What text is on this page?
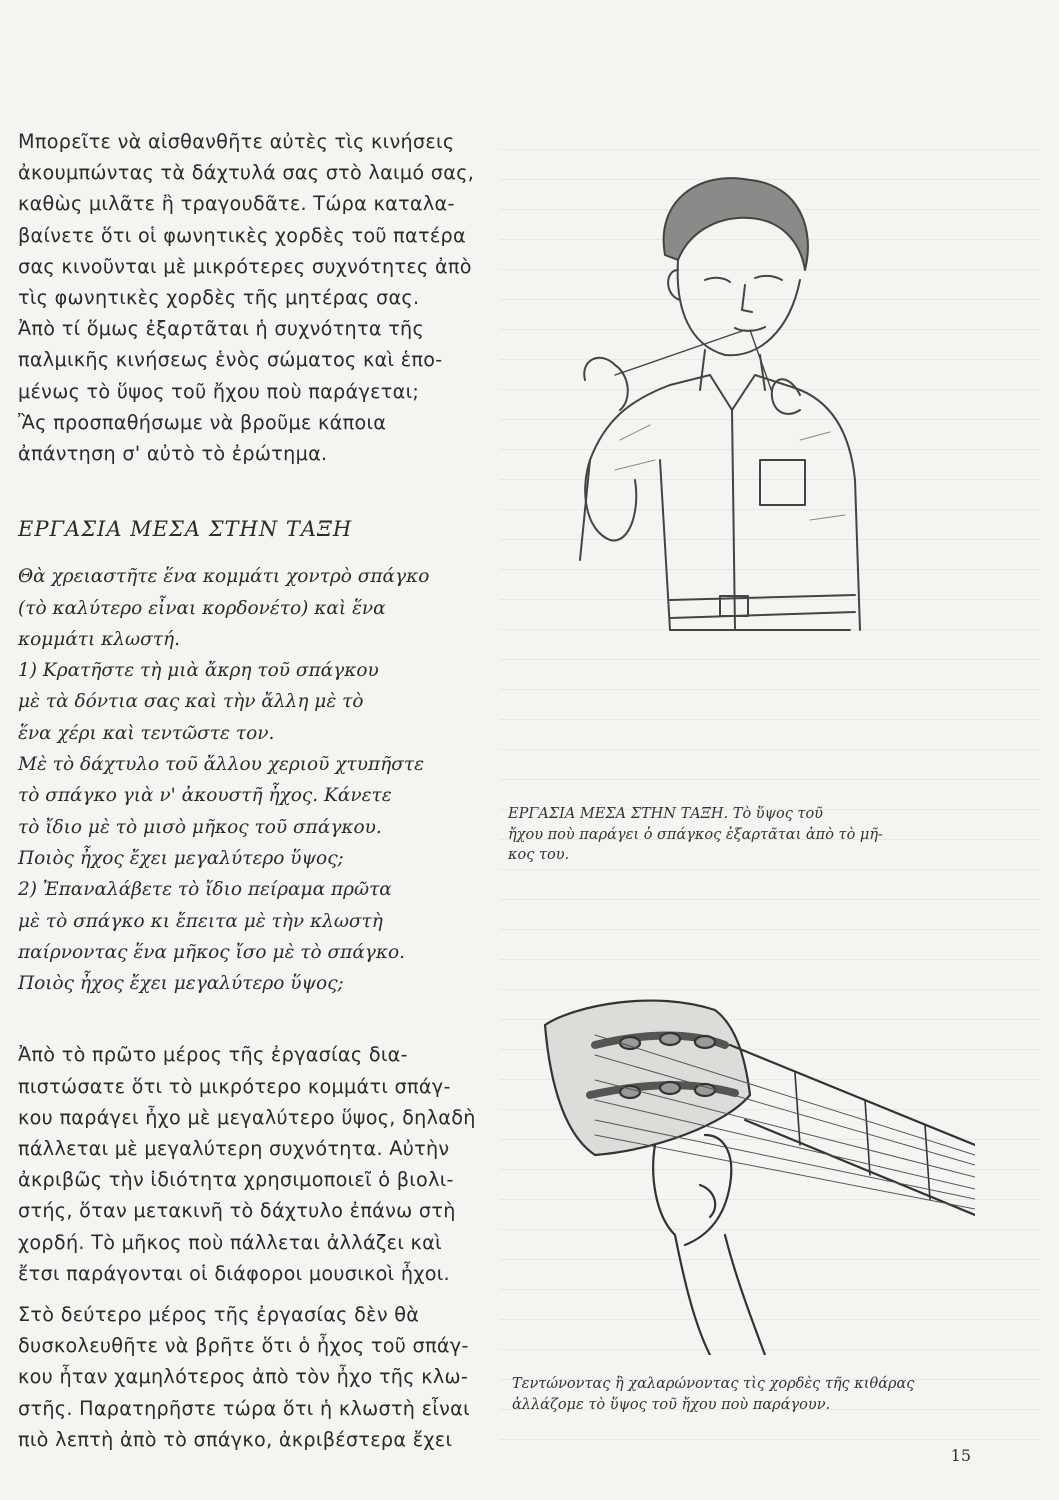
Μπορεῖτε νὰ αἰσθανθῆτε αὐτὲς τὶς κινήσεις
ἀκουμπώντας τὰ δάχτυλά σας στὸ λαιμό σας,
καθὼς μιλᾶτε ἢ τραγουδᾶτε. Τώρα καταλα-
βαίνετε ὅτι οἱ φωνητικὲς χορδὲς τοῦ πατέρα
σας κινοῦνται μὲ μικρότερες συχνότητες ἀπὸ
τὶς φωνητικὲς χορδὲς τῆς μητέρας σας.

Ἀπὸ τί ὅμως ἐξαρτᾶται ἡ συχνότητα τῆς
παλμικῆς κινήσεως ἑνὸς σώματος καὶ ἑπο-
μένως τὸ ὕψος τοῦ ἤχου ποὺ παράγεται;
Ἂς προσπαθήσωμε νὰ βροῦμε κάποια
ἀπάντηση σ' αὐτὸ τὸ ἐρώτημα.

ΕΡΓΑΣΙΑ ΜΕΣΑ ΣΤΗΝ ΤΑΞΗ

Θὰ χρειαστῆτε ἕνα κομμάτι χοντρὸ σπάγκο
(τὸ καλύτερο εἶναι κορδονέτο) καὶ ἕνα
κομμάτι κλωστή.
1) Κρατῆστε τὴ μιὰ ἄκρη τοῦ σπάγκου
μὲ τὰ δόντια σας καὶ τὴν ἄλλη μὲ τὸ
ἕνα χέρι καὶ τεντῶστε τον.
Μὲ τὸ δάχτυλο τοῦ ἄλλου χεριοῦ χτυπῆστε
τὸ σπάγκο γιὰ ν' ἀκουστῆ ἦχος. Κάνετε
τὸ ἴδιο μὲ τὸ μισὸ μῆκος τοῦ σπάγκου.
Ποιὸς ἦχος ἔχει μεγαλύτερο ὕψος;
2) Ἐπαναλάβετε τὸ ἴδιο πείραμα πρῶτα
μὲ τὸ σπάγκο κι ἔπειτα μὲ τὴν κλωστὴ
παίρνοντας ἕνα μῆκος ἴσο μὲ τὸ σπάγκο.
Ποιὸς ἦχος ἔχει μεγαλύτερο ὕψος;

Ἀπὸ τὸ πρῶτο μέρος τῆς ἐργασίας δια-
πιστώσατε ὅτι τὸ μικρότερο κομμάτι σπάγ-
κου παράγει ἦχο μὲ μεγαλύτερο ὕψος, δηλαδὴ
πάλλεται μὲ μεγαλύτερη συχνότητα. Αὐτὴν
ἀκριβῶς τὴν ἰδιότητα χρησιμοποιεῖ ὁ βιολι-
στής, ὅταν μετακινῆ τὸ δάχτυλο ἐπάνω στὴ
χορδή. Τὸ μῆκος ποὺ πάλλεται ἀλλάζει καὶ
ἔτσι παράγονται οἱ διάφοροι μουσικοὶ ἦχοι.

Στὸ δεύτερο μέρος τῆς ἐργασίας δὲν θὰ
δυσκολευθῆτε νὰ βρῆτε ὅτι ὁ ἦχος τοῦ σπάγ-
κου ἦταν χαμηλότερος ἀπὸ τὸν ἦχο τῆς κλω-
στῆς. Παρατηρῆστε τώρα ὅτι ἡ κλωστὴ εἶναι
πιὸ λεπτὴ ἀπὸ τὸ σπάγκο, ἀκριβέστερα ἔχει

ΕΡΓΑΣΙΑ ΜΕΣΑ ΣΤΗΝ ΤΑΞΗ. Τὸ ὕψος τοῦ
ἤχου ποὺ παράγει ὁ σπάγκος ἐξαρτᾶται ἀπὸ τὸ μῆ-
κος του.
Τεντώνοντας ἢ χαλαρώνοντας τὶς χορδὲς τῆς κιθάρας
ἀλλάζομε τὸ ὕψος τοῦ ἤχου ποὺ παράγουν.
15
